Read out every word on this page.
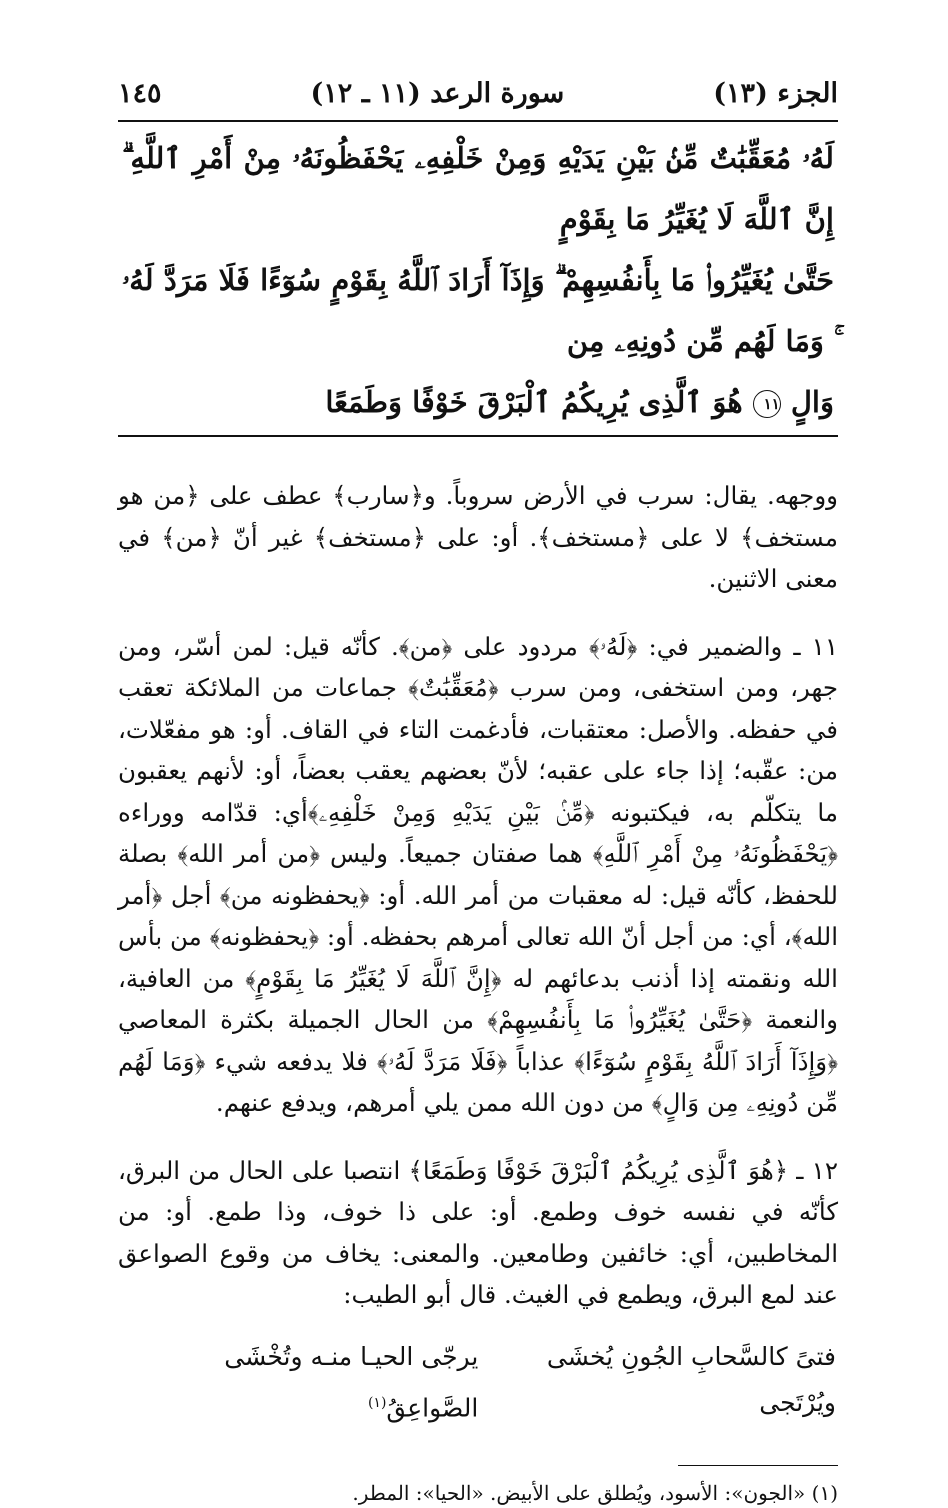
الجزء (١٣)
سورة الرعد (١١ ـ ١٢)
١٤٥
لَهُۥ مُعَقِّبَٰتٌ مِّنۢ بَيْنِ يَدَيْهِ وَمِنْ خَلْفِهِۦ يَحْفَظُونَهُۥ مِنْ أَمْرِ ٱللَّهِ ۗ إِنَّ ٱللَّهَ لَا يُغَيِّرُ مَا بِقَوْمٍ
حَتَّىٰ يُغَيِّرُوا۟ مَا بِأَنفُسِهِمْ ۗ وَإِذَآ أَرَادَ ٱللَّهُ بِقَوْمٍ سُوٓءًا فَلَا مَرَدَّ لَهُۥ ۚ وَمَا لَهُم مِّن دُونِهِۦ مِن
وَالٍ ١١ هُوَ ٱلَّذِى يُرِيكُمُ ٱلْبَرْقَ خَوْفًا وَطَمَعًا

ووجهه. يقال: سرب في الأرض سروباً. و﴿سارب﴾ عطف على ﴿من هو مستخف﴾ لا على ﴿مستخف﴾. أو: على ﴿مستخف﴾ غير أنّ ﴿من﴾ في معنى الاثنين.

١١ ـ والضمير في: ﴿لَهُۥ﴾ مردود على ﴿من﴾. كأنّه قيل: لمن أسّر، ومن جهر، ومن استخفى، ومن سرب ﴿مُعَقِّبَٰتٌ﴾ جماعات من الملائكة تعقب في حفظه. والأصل: معتقبات، فأدغمت التاء في القاف. أو: هو مفعّلات، من: عقّبه؛ إذا جاء على عقبه؛ لأنّ بعضهم يعقب بعضاً، أو: لأنهم يعقبون ما يتكلّم به، فيكتبونه ﴿مِّنۢ بَيْنِ يَدَيْهِ وَمِنْ خَلْفِهِۦ﴾أي: قدّامه ووراءه ﴿يَحْفَظُونَهُۥ مِنْ أَمْرِ ٱللَّهِ﴾ هما صفتان جميعاً. وليس ﴿من أمر الله﴾ بصلة للحفظ، كأنّه قيل: له معقبات من أمر الله. أو: ﴿يحفظونه من﴾ أجل ﴿أمر الله﴾، أي: من أجل أنّ الله تعالى أمرهم بحفظه. أو: ﴿يحفظونه﴾ من بأس الله ونقمته إذا أذنب بدعائهم له ﴿إِنَّ ٱللَّهَ لَا يُغَيِّرُ مَا بِقَوْمٍ﴾ من العافية، والنعمة ﴿حَتَّىٰ يُغَيِّرُوا۟ مَا بِأَنفُسِهِمْ﴾ من الحال الجميلة بكثرة المعاصي ﴿وَإِذَآ أَرَادَ ٱللَّهُ بِقَوْمٍ سُوٓءًا﴾ عذاباً ﴿فَلَا مَرَدَّ لَهُۥ﴾ فلا يدفعه شيء ﴿وَمَا لَهُم مِّن دُونِهِۦ مِن وَالٍ﴾ من دون الله ممن يلي أمرهم، ويدفع عنهم.

١٢ ـ ﴿هُوَ ٱلَّذِى يُرِيكُمُ ٱلْبَرْقَ خَوْفًا وَطَمَعًا﴾ انتصبا على الحال من البرق، كأنّه في نفسه خوف وطمع. أو: على ذا خوف، وذا طمع. أو: من المخاطبين، أي: خائفين وطامعين. والمعنى: يخاف من وقوع الصواعق عند لمع البرق، ويطمع في الغيث. قال أبو الطيب:

فتىً كالسَّحابِ الجُونِ يُخشَى ويُرْتَجى
يرجّى الحيـا منـه وتُخْشَى الصَّواعِقُ$^{(١)}$
(١) «الجون»: الأسود، ويُطلق على الأبيض. «الحيا»: المطر.
